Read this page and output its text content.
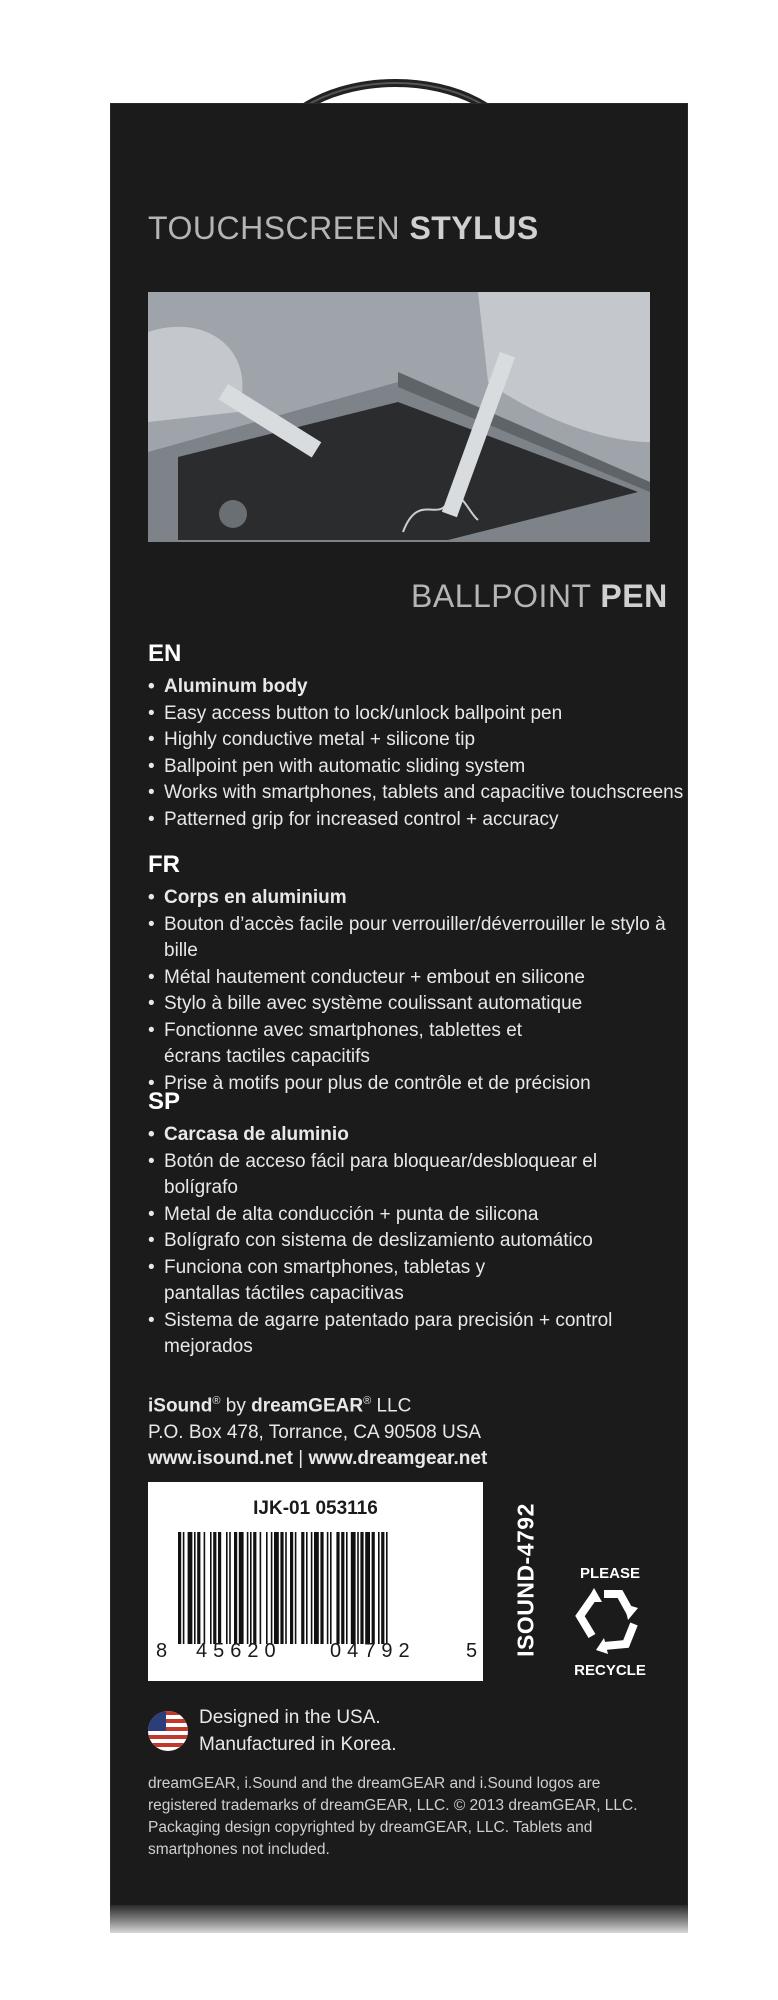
TOUCHSCREEN STYLUS
BALLPOINT PEN
EN
• Aluminum body
• Easy access button to lock/unlock ballpoint pen
• Highly conductive metal + silicone tip
• Ballpoint pen with automatic sliding system
• Works with smartphones, tablets and capacitive touchscreens
• Patterned grip for increased control + accuracy
FR
• Corps en aluminium
• Bouton d’accès facile pour verrouiller/déverrouiller le stylo à bille
• Métal hautement conducteur + embout en silicone
• Stylo à bille avec système coulissant automatique
• Fonctionne avec smartphones, tablettes et écrans tactiles capacitifs
• Prise à motifs pour plus de contrôle et de précision
SP
• Carcasa de aluminio
• Botón de acceso fácil para bloquear/desbloquear el bolígrafo
• Metal de alta conducción + punta de silicona
• Bolígrafo con sistema de deslizamiento automático
• Funciona con smartphones, tabletas y pantallas táctiles capacitivas
• Sistema de agarre patentado para precisión + control mejorados
iSound® by dreamGEAR® LLC
P.O. Box 478, Torrance, CA 90508 USA
www.isound.net | www.dreamgear.net
IJK-01 053116
8 45620 04792	5 ISOUND-4792	PLEASE
RECYCLE
Designed in the USA.
Manufactured in Korea.
dreamGEAR, i.Sound and the dreamGEAR and i.Sound logos are registered trademarks of dreamGEAR, LLC. © 2013 dreamGEAR, LLC. Packaging design copyrighted by dreamGEAR, LLC. Tablets and smartphones not included.
